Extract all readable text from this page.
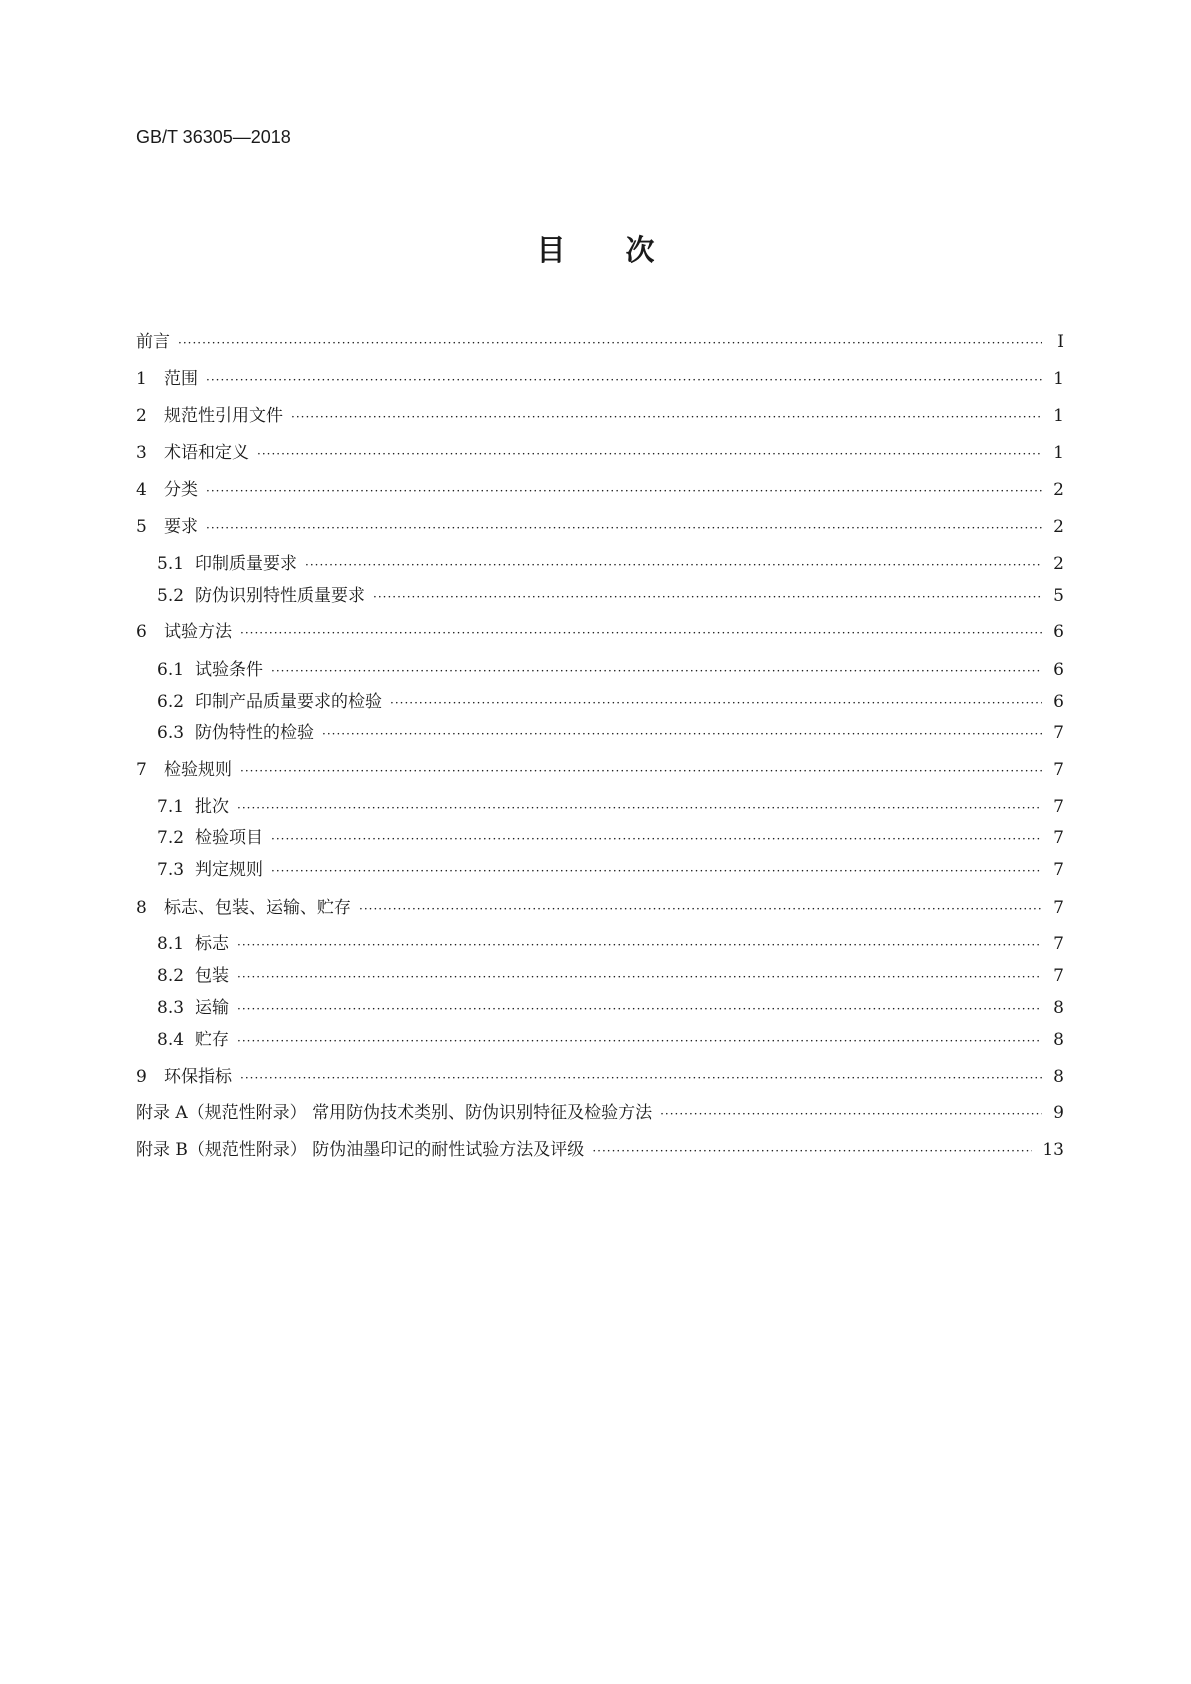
GB/T 36305—2018
目次
前言 ·····	Ⅰ
1	范围 ·····	1
2	规范性引用文件 ·····	1
3	术语和定义 ·····	1
4	分类 ·····	2
5	要求 ·····	2
5.1 印制质量要求 ·····	2
5.2 防伪识别特性质量要求 ·····	5
6	试验方法 ·····	6
6.1 试验条件 ·····	6
6.2 印制产品质量要求的检验 ·····	6
6.3 防伪特性的检验 ·····	7
7	检验规则 ·····	7
7.1 批次 ·····	7
7.2 检验项目 ·····	7
7.3 判定规则 ·····	7
8	标志、包装、运输、贮存 ·····	7
8.1 标志 ·····	7
8.2 包装 ·····	7
8.3 运输 ·····	8
8.4 贮存 ·····	8
9	环保指标 ·····	8
附录 A（规范性附录） 常用防伪技术类别、防伪识别特征及检验方法 ·····	9
附录 B（规范性附录） 防伪油墨印记的耐性试验方法及评级 ·····	13
